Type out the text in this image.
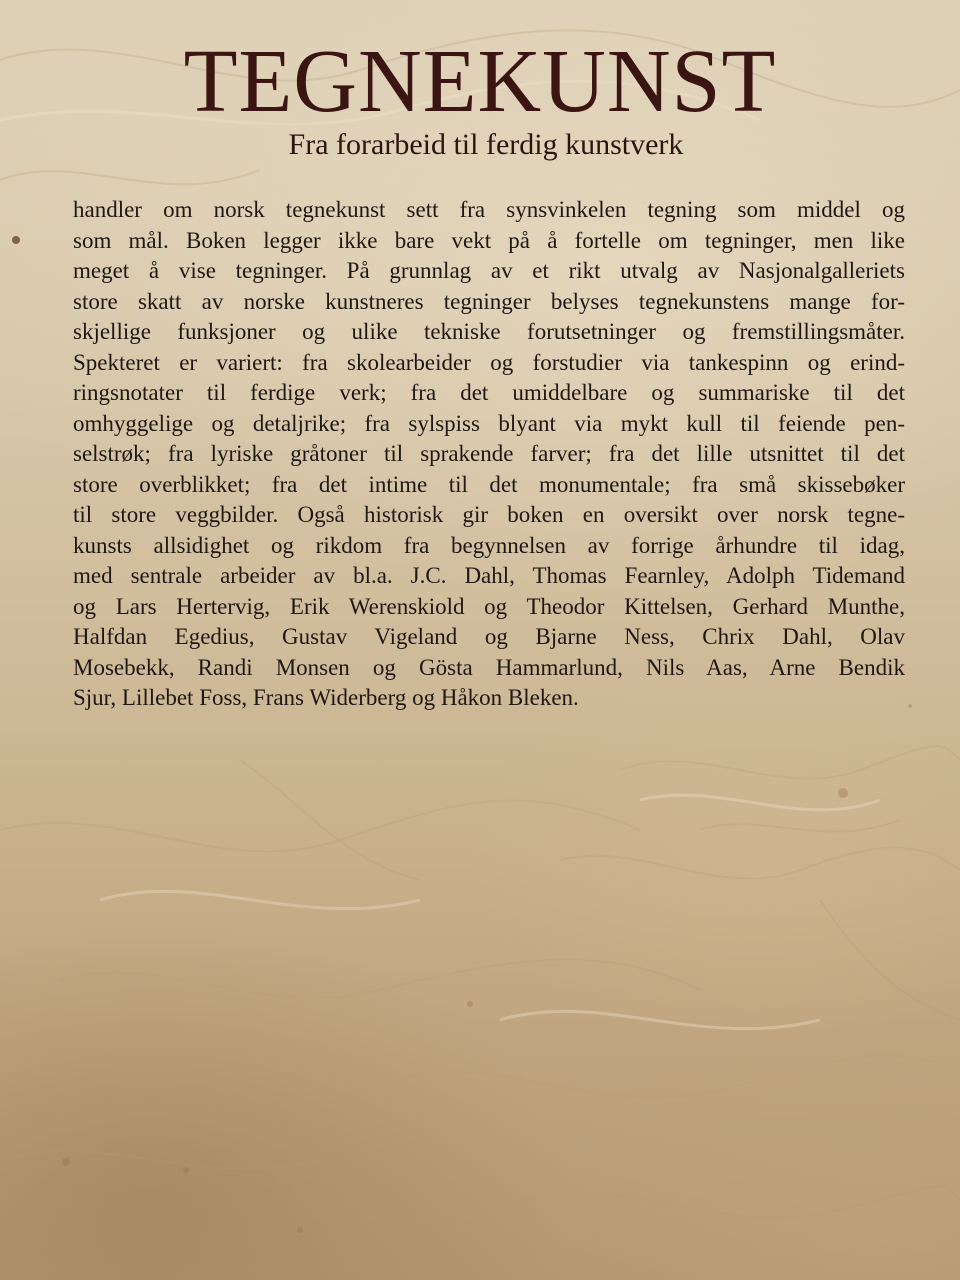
TEGNEKUNST
Fra forarbeid til ferdig kunstverk
handler om norsk tegnekunst sett fra synsvinkelen tegning som middel og
som mål. Boken legger ikke bare vekt på å fortelle om tegninger, men like
meget å vise tegninger. På grunnlag av et rikt utvalg av Nasjonalgalleriets
store skatt av norske kunstneres tegninger belyses tegnekunstens mange for-
skjellige funksjoner og ulike tekniske forutsetninger og fremstillingsmåter.
Spekteret er variert: fra skolearbeider og forstudier via tankespinn og erind-
ringsnotater til ferdige verk; fra det umiddelbare og summariske til det
omhyggelige og detaljrike; fra sylspiss blyant via mykt kull til feiende pen-
selstrøk; fra lyriske gråtoner til sprakende farver; fra det lille utsnittet til det
store overblikket; fra det intime til det monumentale; fra små skissebøker
til store veggbilder. Også historisk gir boken en oversikt over norsk tegne-
kunsts allsidighet og rikdom fra begynnelsen av forrige århundre til idag,
med sentrale arbeider av bl.a. J.C. Dahl, Thomas Fearnley, Adolph Tidemand
og Lars Hertervig, Erik Werenskiold og Theodor Kittelsen, Gerhard Munthe,
Halfdan Egedius, Gustav Vigeland og Bjarne Ness, Chrix Dahl, Olav
Mosebekk, Randi Monsen og Gösta Hammarlund, Nils Aas, Arne Bendik
Sjur, Lillebet Foss, Frans Widerberg og Håkon Bleken.
